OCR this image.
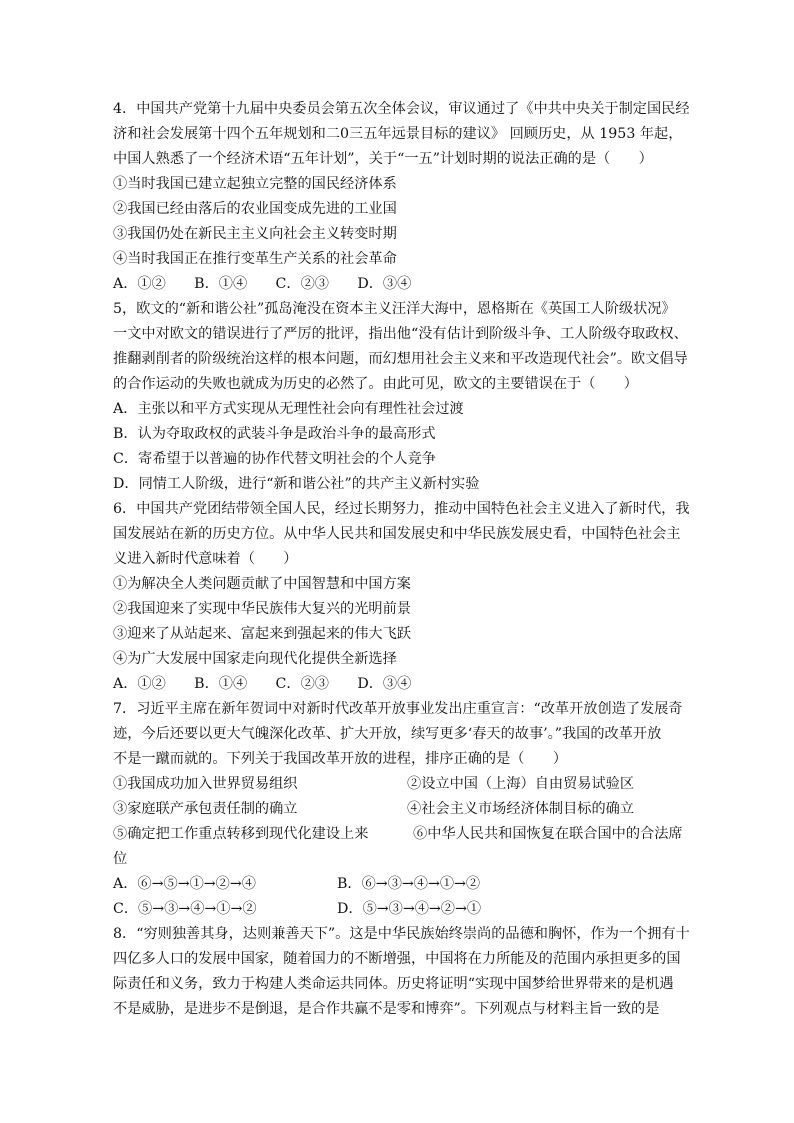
4．中国共产党第十九届中央委员会第五次全体会议，审议通过了《中共中央关于制定国民经
济和社会发展第十四个五年规划和二0三五年远景目标的建议》 回顾历史，从 1953 年起，
中国人熟悉了一个经济术语“五年计划”，关于“一五”计划时期的说法正确的是（　　）
①当时我国已建立起独立完整的国民经济体系
②我国已经由落后的农业国变成先进的工业国
③我国仍处在新民主主义向社会主义转变时期
④当时我国正在推行变革生产关系的社会革命
A．①②　　B．①④　　C．②③　　D．③④
5，欧文的“新和谐公社”孤岛淹没在资本主义汪洋大海中，恩格斯在《英国工人阶级状况》
一文中对欧文的错误进行了严厉的批评，指出他“没有估计到阶级斗争、工人阶级夺取政权、
推翻剥削者的阶级统治这样的根本问题，而幻想用社会主义来和平改造现代社会”。欧文倡导
的合作运动的失败也就成为历史的必然了。由此可见，欧文的主要错误在于（　　）
A．主张以和平方式实现从无理性社会向有理性社会过渡
B．认为夺取政权的武装斗争是政治斗争的最高形式
C．寄希望于以普遍的协作代替文明社会的个人竞争
D．同情工人阶级，进行“新和谐公社”的共产主义新村实验
6．中国共产党团结带领全国人民，经过长期努力，推动中国特色社会主义进入了新时代，我
国发展站在新的历史方位。从中华人民共和国发展史和中华民族发展史看，中国特色社会主
义进入新时代意味着（　　）
①为解决全人类问题贡献了中国智慧和中国方案
②我国迎来了实现中华民族伟大复兴的光明前景
③迎来了从站起来、富起来到强起来的伟大飞跃
④为广大发展中国家走向现代化提供全新选择
A．①②　　B．①④　　C．②③　　D．③④
7．习近平主席在新年贺词中对新时代改革开放事业发出庄重宣言：“改革开放创造了发展奇
迹，今后还要以更大气魄深化改革、扩大开放，续写更多‘春天的故事’。”我国的改革开放
不是一蹴而就的。下列关于我国改革开放的进程，排序正确的是（　　）
①我国成功加入世界贸易组织	②设立中国（上海）自由贸易试验区
③家庭联产承包责任制的确立	④社会主义市场经济体制目标的确立
⑤确定把工作重点转移到现代化建设上来	⑥中华人民共和国恢复在联合国中的合法席
位
A．⑥→⑤→①→②→④	B．⑥→③→④→①→②
C．⑤→③→④→①→②	D．⑤→③→④→②→①
8．“穷则独善其身，达则兼善天下”。这是中华民族始终崇尚的品德和胸怀，作为一个拥有十
四亿多人口的发展中国家，随着国力的不断增强，中国将在力所能及的范围内承担更多的国
际责任和义务，致力于构建人类命运共同体。历史将证明“实现中国梦给世界带来的是机遇
不是威胁，是进步不是倒退，是合作共赢不是零和博弈”。下列观点与材料主旨一致的是
